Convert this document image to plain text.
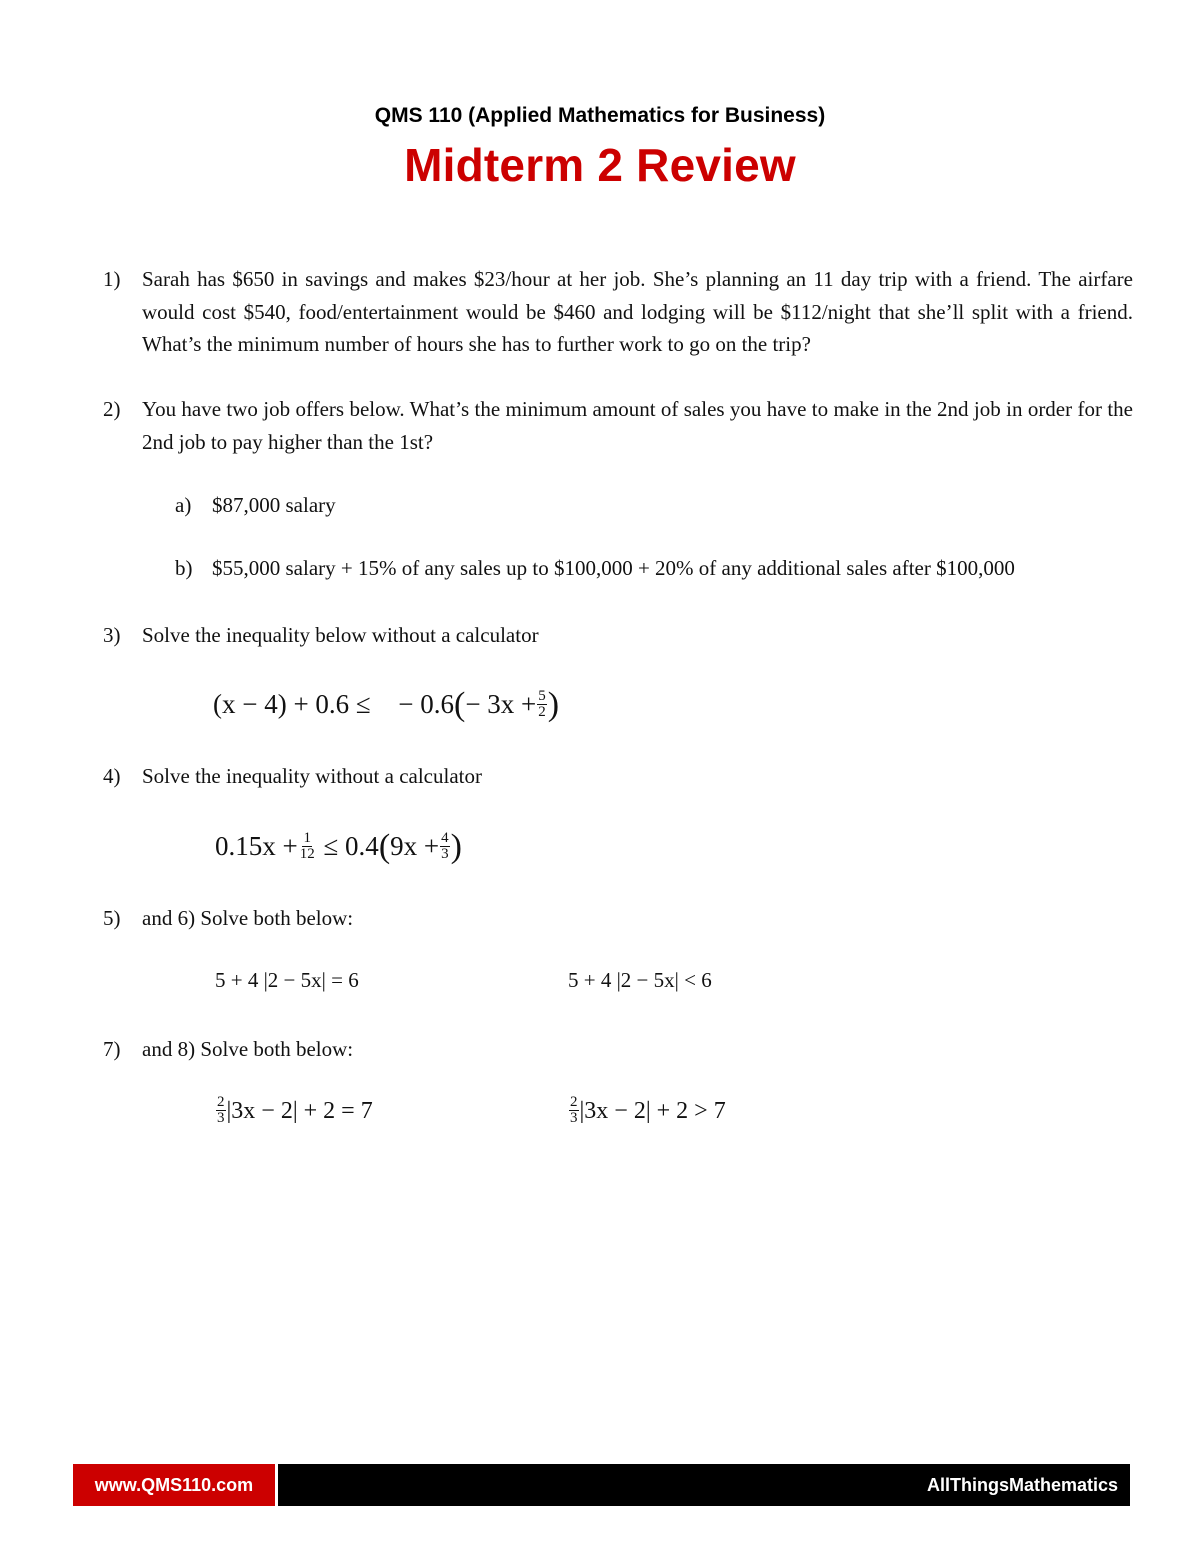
QMS 110 (Applied Mathematics for Business)
Midterm 2 Review
1) Sarah has $650 in savings and makes $23/hour at her job. She’s planning an 11 day trip with a friend. The airfare would cost $540, food/entertainment would be $460 and lodging will be $112/night that she’ll split with a friend. What’s the minimum number of hours she has to further work to go on the trip?
2) You have two job offers below. What’s the minimum amount of sales you have to make in the 2nd job in order for the 2nd job to pay higher than the 1st?
a) $87,000 salary
b) $55,000 salary + 15% of any sales up to $100,000 + 20% of any additional sales after $100,000
3) Solve the inequality below without a calculator
(x − 4) + 0.6 ≤ − $0.6(- 3x + \frac{5}{2}$ )
4) Solve the inequality without a calculator
$0.15x + \frac{1}{12} \le 0.4(9x + \frac{4}{3}$ )
5) and 6) Solve both below:
5 + 4 |2 − 5x| = 6	5 + 4 |2 − 5x| < 6
7) and 8) Solve both below:
$\frac{2}{3} |3x - 2| + 2 = 7$	$\frac{2}{3} |3x - 2| + 2 > 7$
www.QMS110.com	AllThingsMathematics
